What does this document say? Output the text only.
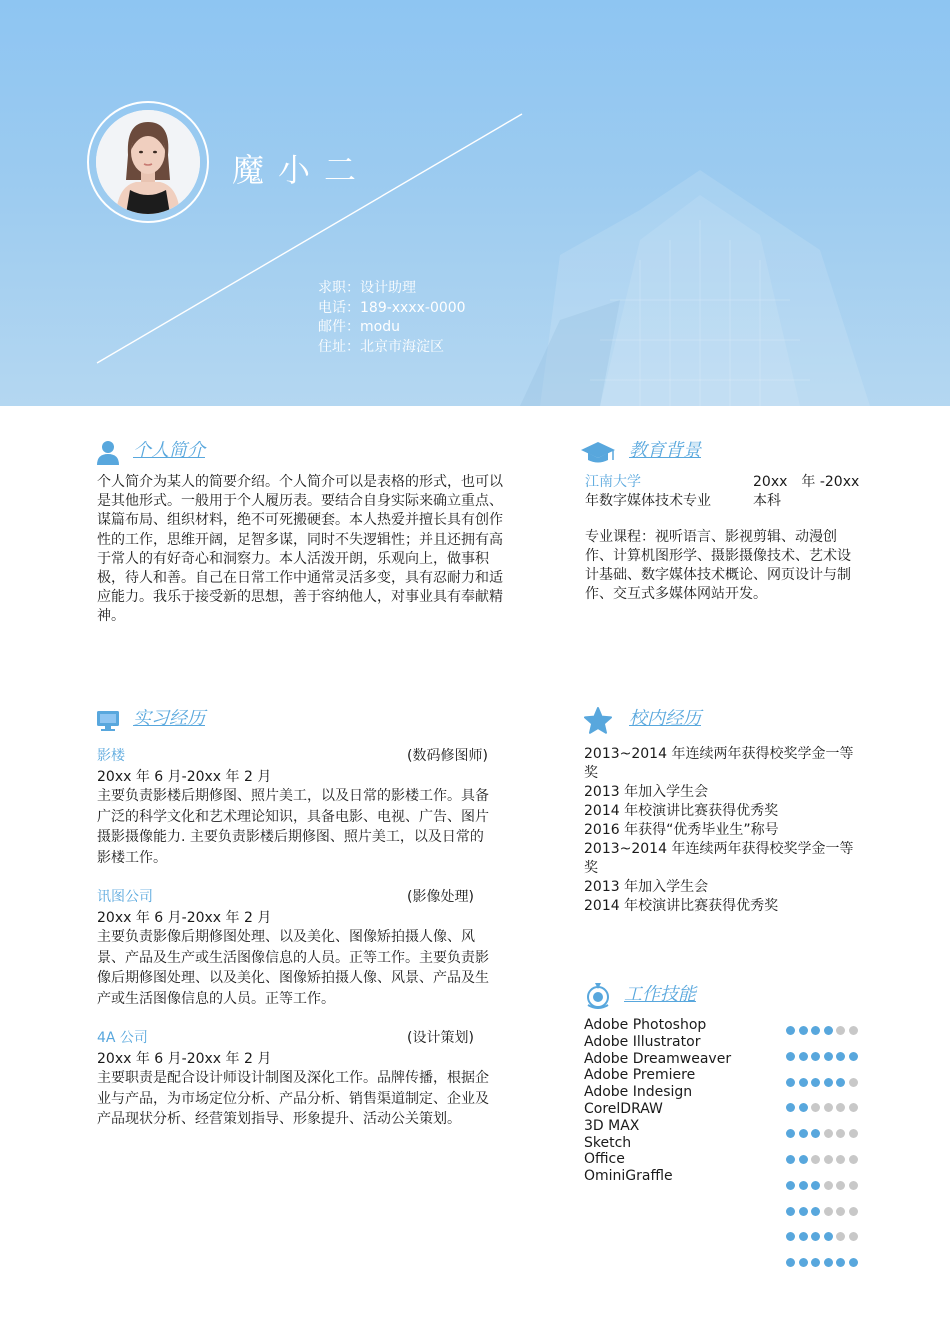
魔小二
求职：设计助理
电话：189-xxxx-0000
邮件：modu
住址：北京市海淀区
个人简介
个人简介为某人的简要介绍。个人简介可以是表格的形式，也可以
是其他形式。一般用于个人履历表。要结合自身实际来确立重点、
谋篇布局、组织材料，绝不可死搬硬套。本人热爱并擅长具有创作
性的工作，思维开阔，足智多谋，同时不失逻辑性；并且还拥有高
于常人的有好奇心和洞察力。本人活泼开朗，乐观向上，做事积
极，待人和善。自己在日常工作中通常灵活多变，具有忍耐力和适
应能力。我乐于接受新的思想，善于容纳他人，对事业具有奉献精
神。
教育背景
江南大学	20xx　年 -20xx
年数字媒体技术专业	本科
专业课程：视听语言、影视剪辑、动漫创
作、计算机图形学、摄影摄像技术、艺术设
计基础、数字媒体技术概论、网页设计与制
作、交互式多媒体网站开发。
实习经历
影楼	(数码修图师)
20xx 年 6 月-20xx 年 2 月
主要负责影楼后期修图、照片美工，以及日常的影楼工作。具备
广泛的科学文化和艺术理论知识，具备电影、电视、广告、图片
摄影摄像能力. 主要负责影楼后期修图、照片美工，以及日常的
影楼工作。
讯图公司	(影像处理)
20xx 年 6 月-20xx 年 2 月
主要负责影像后期修图处理、以及美化、图像矫拍摄人像、风
景、产品及生产或生活图像信息的人员。正等工作。主要负责影
像后期修图处理、以及美化、图像矫拍摄人像、风景、产品及生
产或生活图像信息的人员。正等工作。
4A 公司	(设计策划)
20xx 年 6 月-20xx 年 2 月
主要职责是配合设计师设计制图及深化工作。品牌传播，根据企
业与产品，为市场定位分析、产品分析、销售渠道制定、企业及
产品现状分析、经营策划指导、形象提升、活动公关策划。
校内经历
2013~2014 年连续两年获得校奖学金一等
奖
2013 年加入学生会
2014 年校演讲比赛获得优秀奖
2016 年获得“优秀毕业生”称号
2013~2014 年连续两年获得校奖学金一等
奖
2013 年加入学生会
2014 年校演讲比赛获得优秀奖
工作技能
Adobe Photoshop
Adobe Illustrator
Adobe Dreamweaver
Adobe Premiere
Adobe Indesign
CorelDRAW
3D MAX
Sketch
Office
OminiGraffle
